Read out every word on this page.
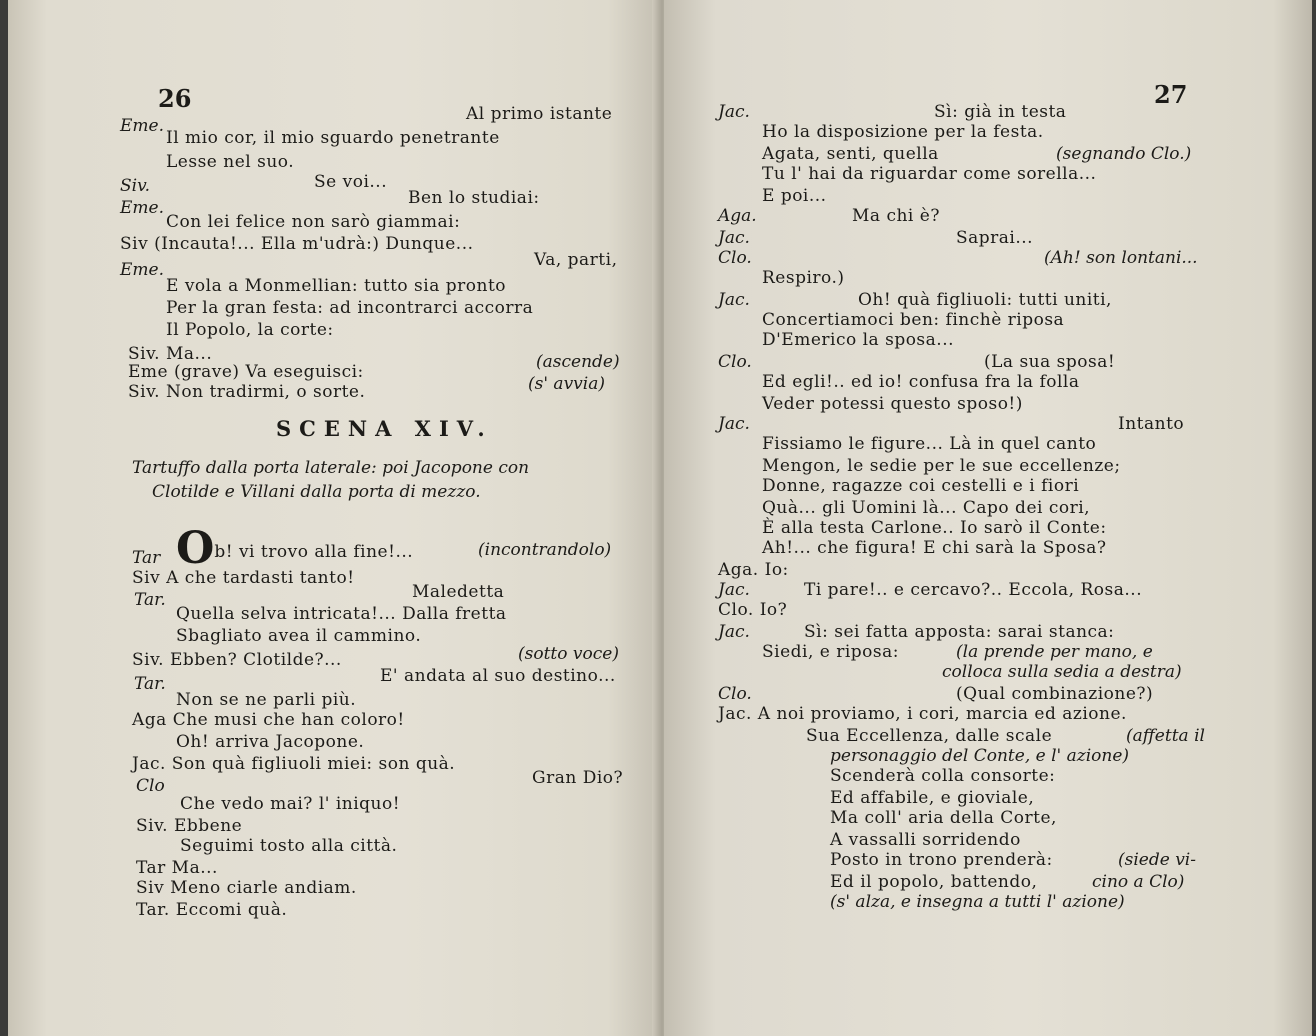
26
Al primo istante
Eme.
Il mio cor, il mio sguardo penetrante
Lesse nel suo.
Siv.	Se voi...
Eme.	Ben lo studiai:
Con lei felice non sarò giammai:
Siv (Incauta!... Ella m'udrà:) Dunque...
Va, parti,
Eme.
E vola a Monmellian: tutto sia pronto
Per la gran festa: ad incontrarci accorra
Il Popolo, la corte:
Siv. Ma...
Eme (grave) Va eseguisci:	(ascende)
Siv. Non tradirmi, o sorte.	(s' avvia)
SCENA XIV.
Tartuffo dalla porta laterale: poi Jacopone con
Clotilde e Villani dalla porta di mezzo.
Tar Ob! vi trovo alla fine!...	(incontrandolo)
Siv A che tardasti tanto!
Maledetta
Tar.
Quella selva intricata!... Dalla fretta
Sbagliato avea il cammino.
Siv. Ebben? Clotilde?...	(sotto voce)
E' andata al suo destino...
Tar.
Non se ne parli più.
Aga Che musi che han coloro!
Oh! arriva Jacopone.
Jac. Son quà figliuoli miei: son quà.
Gran Dio?
Clo
Che vedo mai? l' iniquo!
Siv. Ebbene
Seguimi tosto alla città.
Tar Ma...
Siv Meno ciarle andiam.
Tar. Eccomi quà.
27
Jac.	Sì: già in testa
Ho la disposizione per la festa.
Agata, senti, quella	(segnando Clo.)
Tu l' hai da riguardar come sorella...
E poi...
Aga.	Ma chi è?
Jac.	Saprai...
Clo.	(Ah! son lontani...
Respiro.)
Jac.	Oh! quà figliuoli: tutti uniti,
Concertiamoci ben: finchè riposa
D'Emerico la sposa...
Clo.	(La sua sposa!
Ed egli!.. ed io! confusa fra la folla
Veder potessi questo sposo!)
Jac.	Intanto
Fissiamo le figure... Là in quel canto
Mengon, le sedie per le sue eccellenze;
Donne, ragazze coi cestelli e i fiori
Quà... gli Uomini là... Capo dei cori,
È alla testa Carlone.. Io sarò il Conte:
Ah!... che figura! E chi sarà la Sposa?
Aga. Io:
Jac.	Ti pare!.. e cercavo?.. Eccola, Rosa...
Clo. Io?
Jac.	Sì: sei fatta apposta: sarai stanca:
Siedi, e riposa:	(la prende per mano, e
colloca sulla sedia a destra)
Clo.	(Qual combinazione?)
Jac. A noi proviamo, i cori, marcia ed azione.
Sua Eccellenza, dalle scale	(affetta il
personaggio del Conte, e l' azione)
Scenderà colla consorte:
Ed affabile, e gioviale,
Ma coll' aria della Corte,
A vassalli sorridendo
Posto in trono prenderà:	(siede vi-
Ed il popolo, battendo,	cino a Clo)
(s' alza, e insegna a tutti l' azione)
